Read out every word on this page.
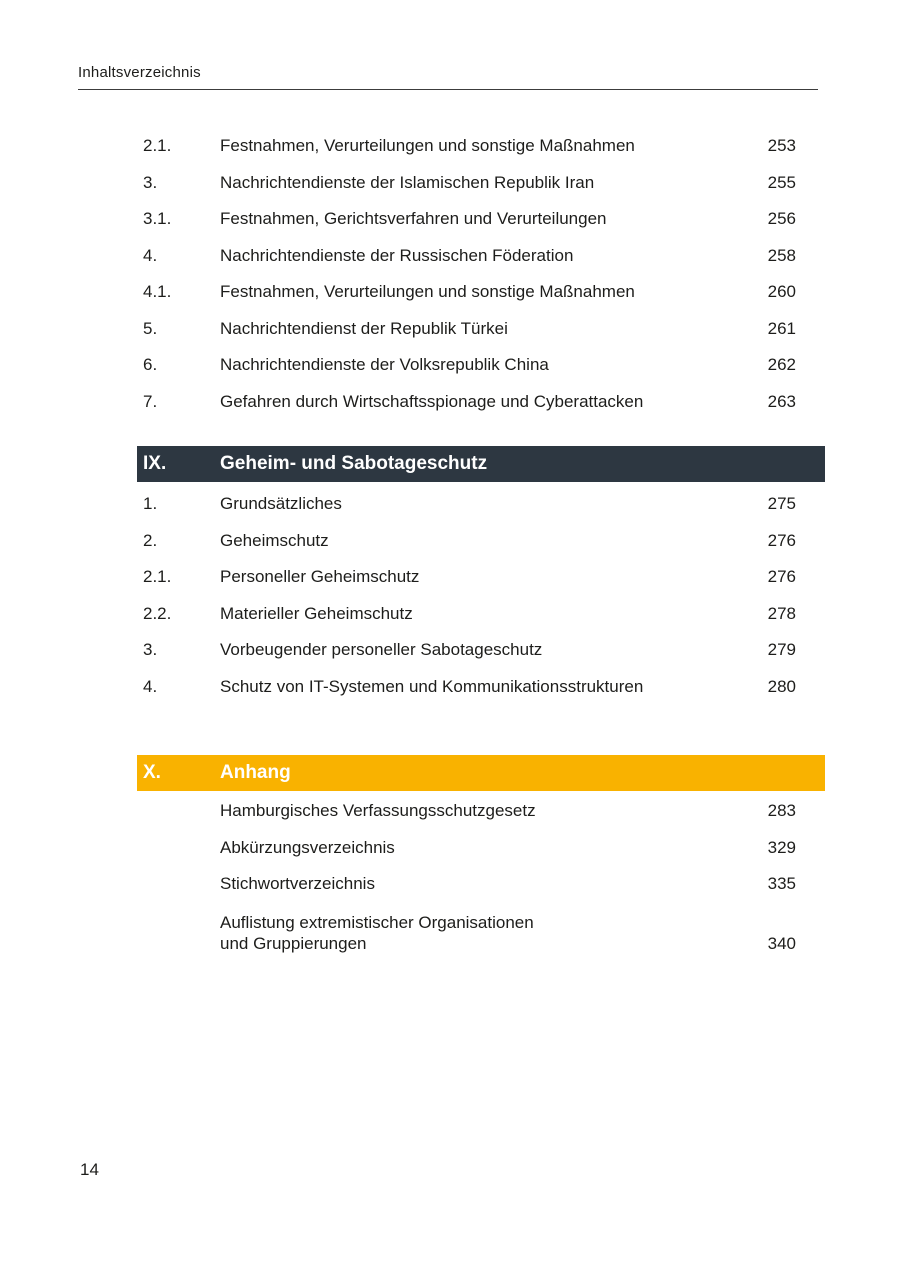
Inhaltsverzeichnis
2.1.	Festnahmen, Verurteilungen und sonstige Maßnahmen	253
3.	Nachrichtendienste der Islamischen Republik Iran	255
3.1.	Festnahmen, Gerichtsverfahren und Verurteilungen	256
4.	Nachrichtendienste der Russischen Föderation	258
4.1.	Festnahmen, Verurteilungen und sonstige Maßnahmen	260
5.	Nachrichtendienst der Republik Türkei	261
6.	Nachrichtendienste der Volksrepublik China	262
7.	Gefahren durch Wirtschaftsspionage und Cyberattacken	263
IX.	Geheim- und Sabotageschutz
1.	Grundsätzliches	275
2.	Geheimschutz	276
2.1.	Personeller Geheimschutz	276
2.2.	Materieller Geheimschutz	278
3.	Vorbeugender personeller Sabotageschutz	279
4.	Schutz von IT-Systemen und Kommunikationsstrukturen	280
X.	Anhang
Hamburgisches Verfassungsschutzgesetz	283
Abkürzungsverzeichnis	329
Stichwortverzeichnis	335
Auflistung extremistischer Organisationen
und Gruppierungen	340
14
